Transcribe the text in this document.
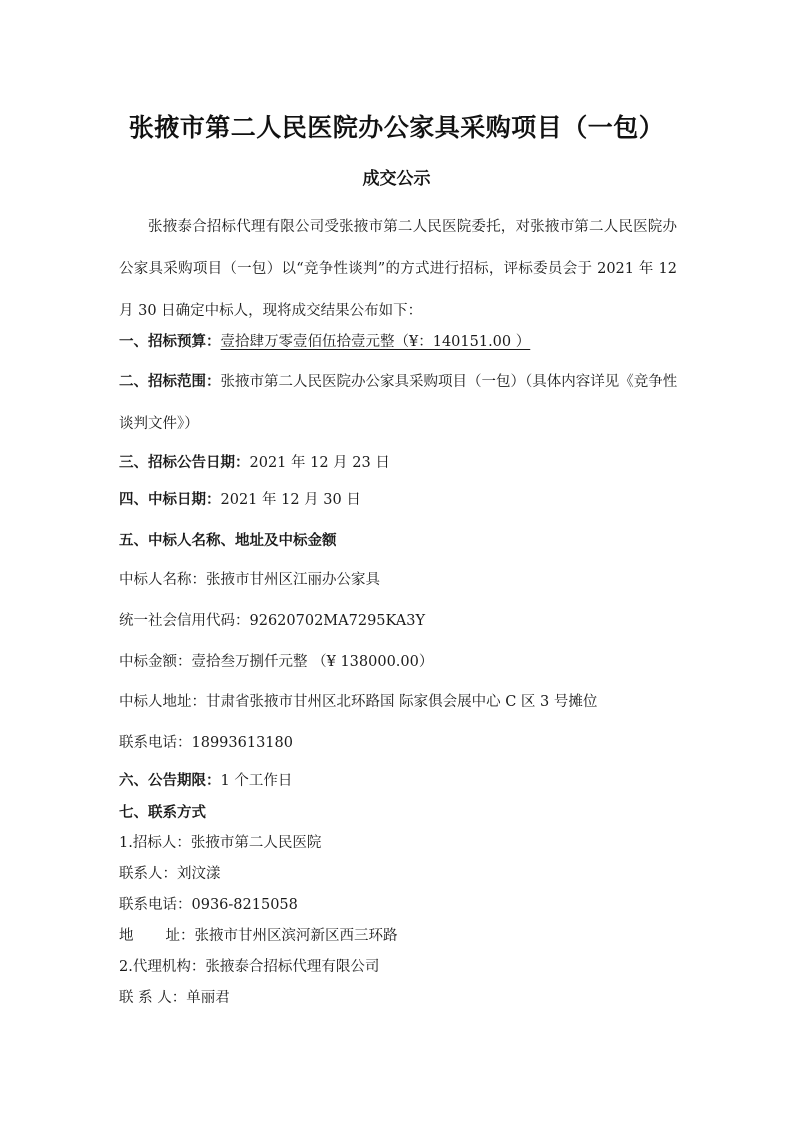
张掖市第二人民医院办公家具采购项目（一包）
成交公示

张掖泰合招标代理有限公司受张掖市第二人民医院委托，对张掖市第二人民医院办公家具采购项目（一包）以“竞争性谈判”的方式进行招标，评标委员会于 2021 年 12 月 30 日确定中标人，现将成交结果公布如下：

一、招标预算：壹拾肆万零壹佰伍拾壹元整（¥：140151.00 ）

二、招标范围：张掖市第二人民医院办公家具采购项目（一包）（具体内容详见《竞争性谈判文件》）

三、招标公告日期：2021 年 12 月 23 日

四、中标日期：2021 年 12 月 30 日

五、中标人名称、地址及中标金额

中标人名称：张掖市甘州区江丽办公家具

统一社会信用代码：92620702MA7295KA3Y

中标金额：壹拾叁万捌仟元整 （¥ 138000.00）

中标人地址：甘肃省张掖市甘州区北环路国 际家俱会展中心 C 区 3 号摊位

联系电话：18993613180

六、公告期限：1 个工作日

七、联系方式

1.招标人：张掖市第二人民医院

联系人：刘汶漾

联系电话：0936-8215058

地 址：张掖市甘州区滨河新区西三环路

2.代理机构：张掖泰合招标代理有限公司

联 系 人：单丽君
